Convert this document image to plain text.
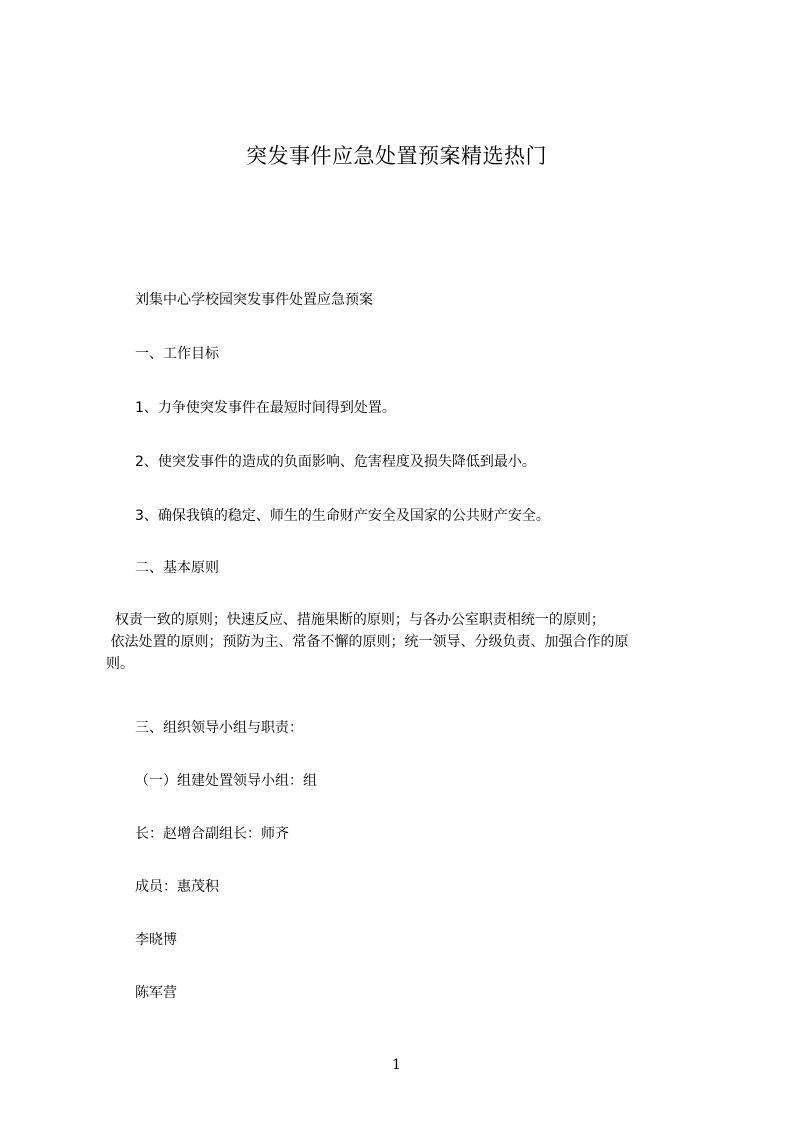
突发事件应急处置预案精选热门
刘集中心学校园突发事件处置应急预案
一、工作目标
1、力争使突发事件在最短时间得到处置。
2、使突发事件的造成的负面影响、危害程度及损失降低到最小。
3、确保我镇的稳定、师生的生命财产安全及国家的公共财产安全。
二、基本原则
权责一致的原则；快速反应、措施果断的原则；与各办公室职责相统一的原则；
依法处置的原则；预防为主、常备不懈的原则；统一领导、分级负责、加强合作的原
则。
三、组织领导小组与职责：
（一）组建处置领导小组：组
长：赵增合副组长：师齐
成员：惠茂积
李晓博
陈军营
1
